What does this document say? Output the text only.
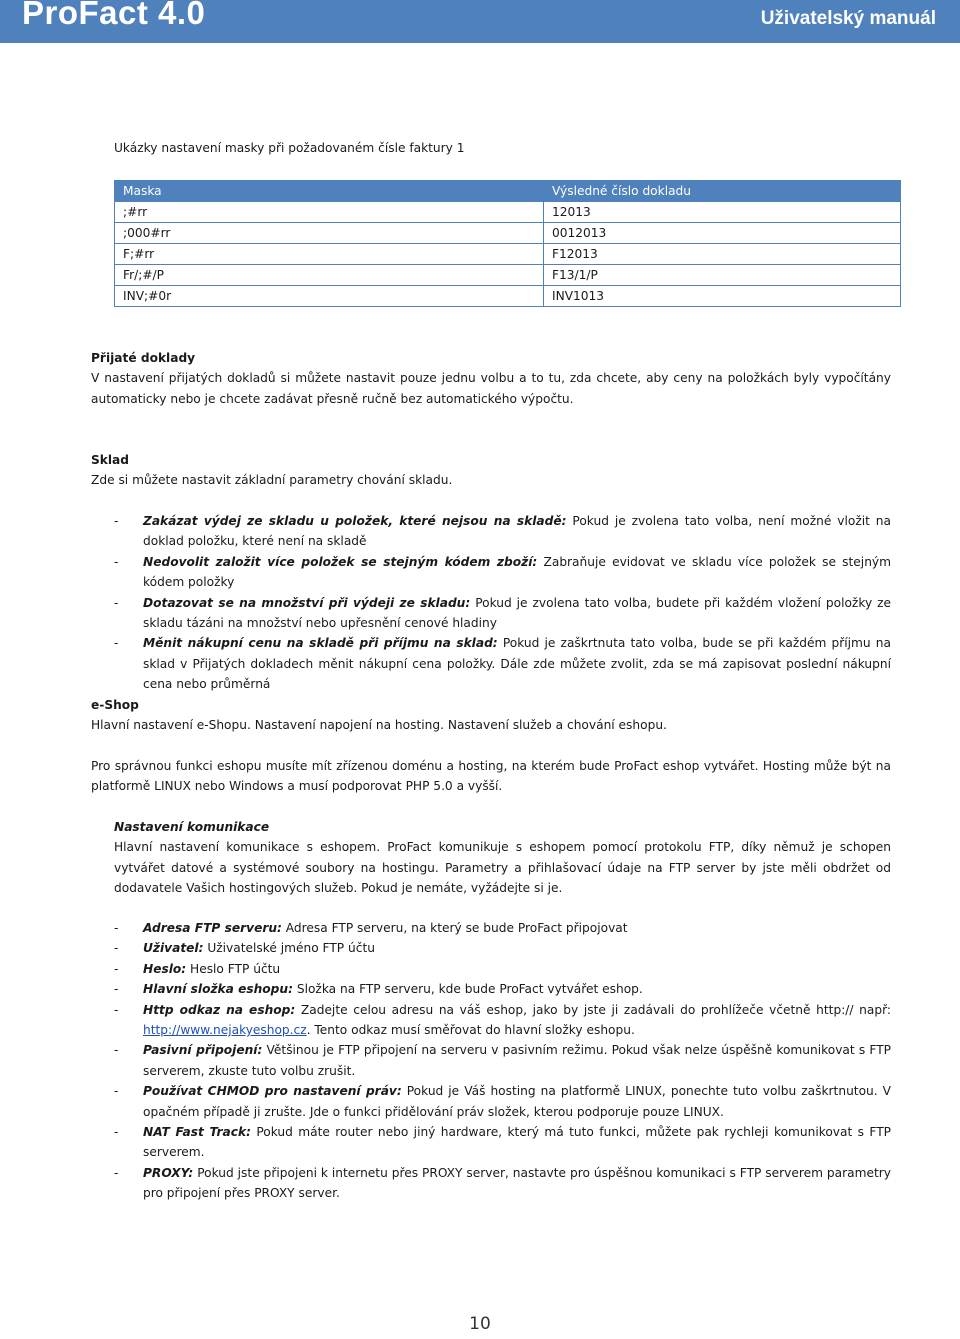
ProFact 4.0	Uživatelský manuál
Ukázky nastavení masky při požadovaném čísle faktury 1
Maska	Výsledné číslo dokladu
;#rr	12013
;000#rr	0012013
F;#rr	F12013
Fr/;#/P	F13/1/P
INV;#0r	INV1013
Přijaté doklady
V nastavení přijatých dokladů si můžete nastavit pouze jednu volbu a to tu, zda chcete, aby ceny na položkách byly vypočítány automaticky nebo je chcete zadávat přesně ručně bez automatického výpočtu.
Sklad
Zde si můžete nastavit základní parametry chování skladu.
- Zakázat výdej ze skladu u položek, které nejsou na skladě: Pokud je zvolena tato volba, není možné vložit na doklad položku, které není na skladě
- Nedovolit založit více položek se stejným kódem zboží: Zabraňuje evidovat ve skladu více položek se stejným kódem položky
- Dotazovat se na množství při výdeji ze skladu: Pokud je zvolena tato volba, budete při každém vložení položky ze skladu tázáni na množství nebo upřesnění cenové hladiny
- Měnit nákupní cenu na skladě při příjmu na sklad: Pokud je zaškrtnuta tato volba, bude se při každém příjmu na sklad v Přijatých dokladech měnit nákupní cena položky. Dále zde můžete zvolit, zda se má zapisovat poslední nákupní cena nebo průměrná
e-Shop
Hlavní nastavení e-Shopu. Nastavení napojení na hosting. Nastavení služeb a chování eshopu.
Pro správnou funkci eshopu musíte mít zřízenou doménu a hosting, na kterém bude ProFact eshop vytvářet. Hosting může být na platformě LINUX nebo Windows a musí podporovat PHP 5.0 a vyšší.
Nastavení komunikace
Hlavní nastavení komunikace s eshopem. ProFact komunikuje s eshopem pomocí protokolu FTP, díky němuž je schopen vytvářet datové a systémové soubory na hostingu. Parametry a přihlašovací údaje na FTP server by jste měli obdržet od dodavatele Vašich hostingových služeb. Pokud je nemáte, vyžádejte si je.
- Adresa FTP serveru: Adresa FTP serveru, na který se bude ProFact připojovat
- Uživatel: Uživatelské jméno FTP účtu
- Heslo: Heslo FTP účtu
- Hlavní složka eshopu: Složka na FTP serveru, kde bude ProFact vytvářet eshop.
- Http odkaz na eshop: Zadejte celou adresu na váš eshop, jako by jste ji zadávali do prohlížeče včetně http:// např: http://www.nejakyeshop.cz. Tento odkaz musí směřovat do hlavní složky eshopu.
- Pasivní připojení: Většinou je FTP připojení na serveru v pasivním režimu. Pokud však nelze úspěšně komunikovat s FTP serverem, zkuste tuto volbu zrušit.
- Používat CHMOD pro nastavení práv: Pokud je Váš hosting na platformě LINUX, ponechte tuto volbu zaškrtnutou. V opačném případě ji zrušte. Jde o funkci přidělování práv složek, kterou podporuje pouze LINUX.
- NAT Fast Track: Pokud máte router nebo jiný hardware, který má tuto funkci, můžete pak rychleji komunikovat s FTP serverem.
- PROXY: Pokud jste připojeni k internetu přes PROXY server, nastavte pro úspěšnou komunikaci s FTP serverem parametry pro připojení přes PROXY server.
10
